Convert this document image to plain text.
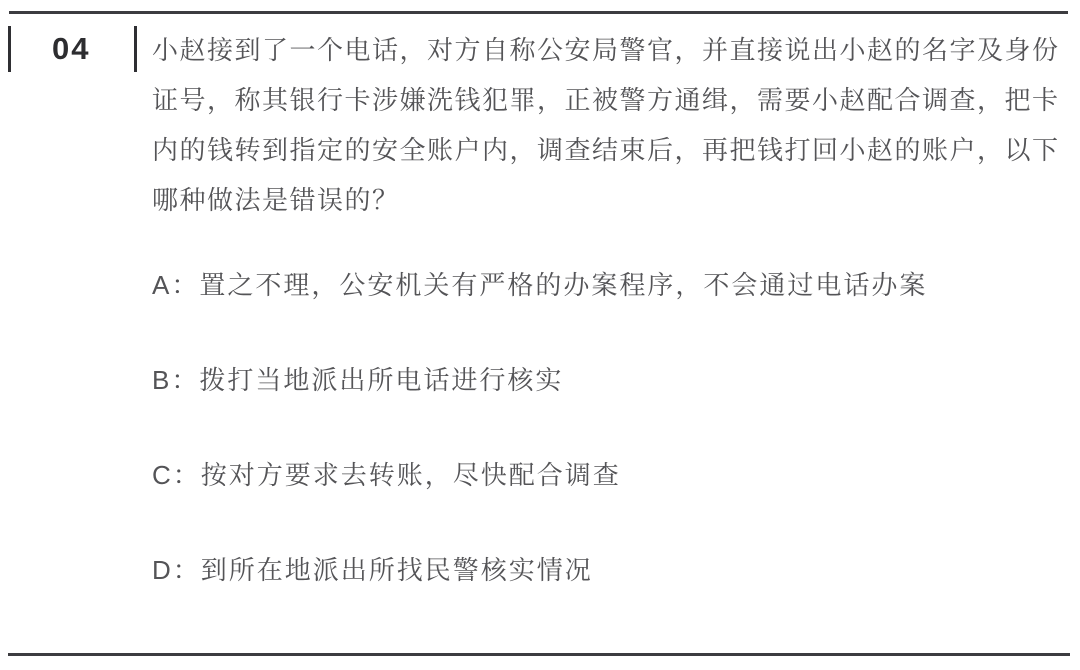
04 小赵接到了一个电话，对方自称公安局警官，并直接说出小赵的名字及身份
证号，称其银行卡涉嫌洗钱犯罪，正被警方通缉，需要小赵配合调查，把卡
内的钱转到指定的安全账户内，调查结束后，再把钱打回小赵的账户，以下
哪种做法是错误的？
A：置之不理，公安机关有严格的办案程序，不会通过电话办案
B：拨打当地派出所电话进行核实
C：按对方要求去转账，尽快配合调查
D：到所在地派出所找民警核实情况
